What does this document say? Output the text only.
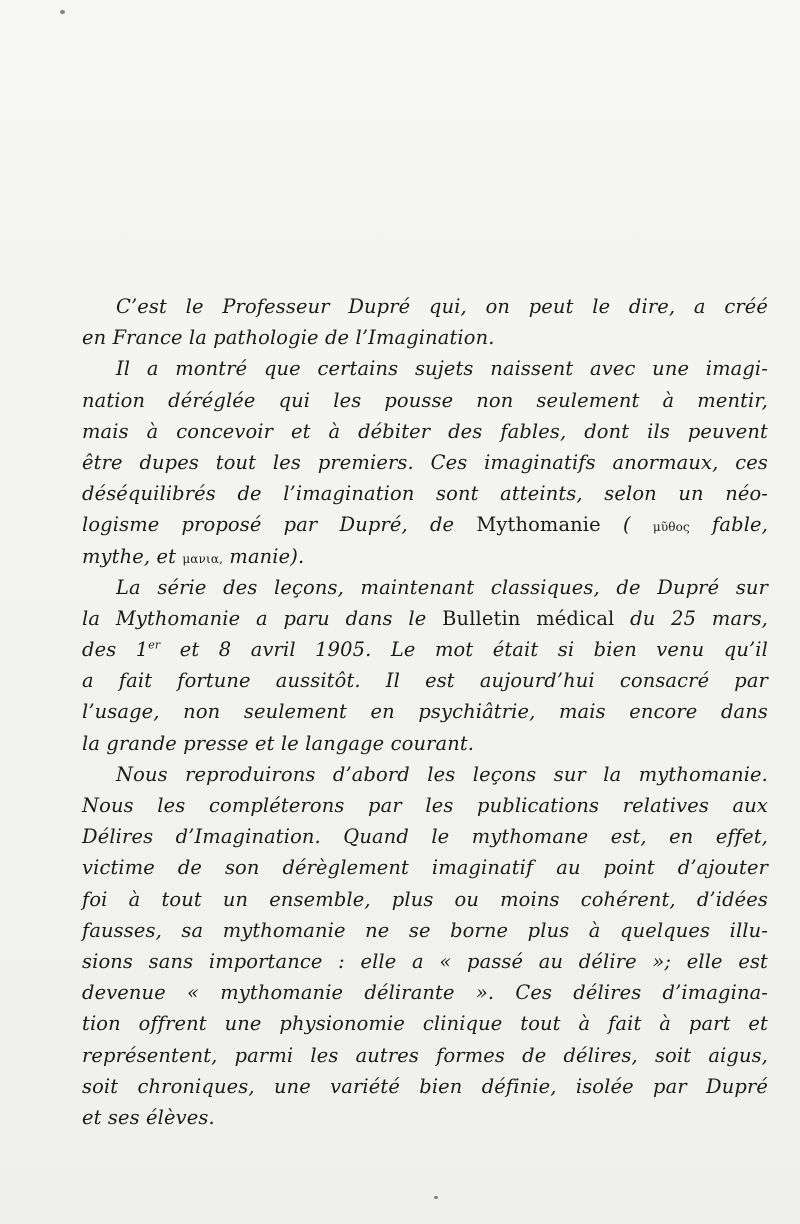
C’est le Professeur Dupré qui, on peut le dire, a créé
en France la pathologie de l’Imagination.
Il a montré que certains sujets naissent avec une imagi-
nation déréglée qui les pousse non seulement à mentir,
mais à concevoir et à débiter des fables, dont ils peuvent
être dupes tout les premiers. Ces imaginatifs anormaux, ces
déséquilibrés de l’imagination sont atteints, selon un néo-
logisme proposé par Dupré, de Mythomanie ( μῦθος fable,
mythe, et μανια, manie).
La série des leçons, maintenant classiques, de Dupré sur
la Mythomanie a paru dans le Bulletin médical du 25 mars,
des 1er et 8 avril 1905. Le mot était si bien venu qu’il
a fait fortune aussitôt. Il est aujourd’hui consacré par
l’usage, non seulement en psychiâtrie, mais encore dans
la grande presse et le langage courant.
Nous reproduirons d’abord les leçons sur la mythomanie.
Nous les compléterons par les publications relatives aux
Délires d’Imagination. Quand le mythomane est, en effet,
victime de son dérèglement imaginatif au point d’ajouter
foi à tout un ensemble, plus ou moins cohérent, d’idées
fausses, sa mythomanie ne se borne plus à quelques illu-
sions sans importance : elle a « passé au délire »; elle est
devenue « mythomanie délirante ». Ces délires d’imagina-
tion offrent une physionomie clinique tout à fait à part et
représentent, parmi les autres formes de délires, soit aigus,
soit chroniques, une variété bien définie, isolée par Dupré
et ses élèves.
